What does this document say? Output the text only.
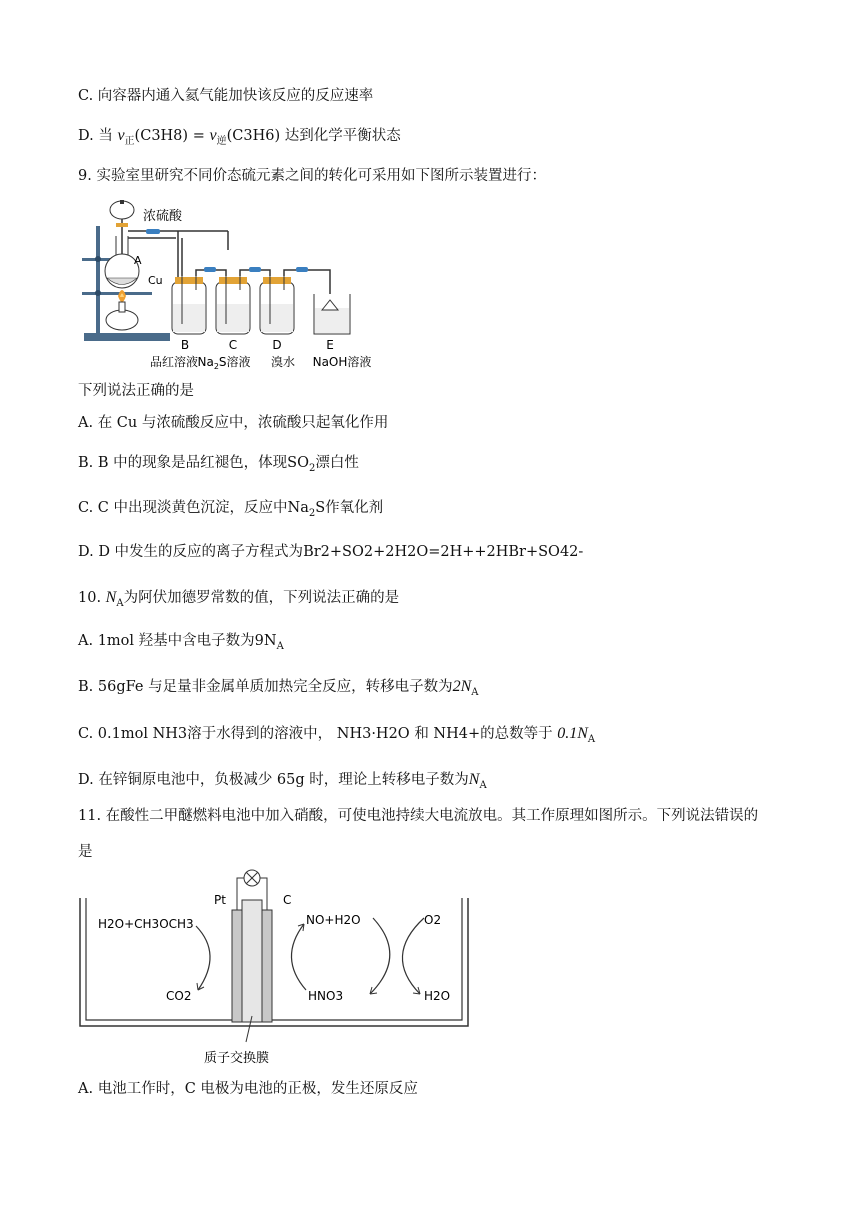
C. 向容器内通入氦气能加快该反应的反应速率
D. 当 $v_正(C3H8) = v_逆(C3H6)$ 达到化学平衡状态
9. 实验室里研究不同价态硫元素之间的转化可采用如下图所示装置进行：
浓硫酸
A
Cu
B	C	D	E
品红溶液 $Na_2S$溶液 溴水 NaOH溶液
下列说法正确的是
A. 在 Cu 与浓硫酸反应中，浓硫酸只起氧化作用
B. B 中的现象是品红褪色，体现$SO_2$漂白性
C. C 中出现淡黄色沉淀，反应中$Na_2S$作氧化剂
D. D 中发生的反应的离子方程式为Br2+SO2+2H2O=2H++2HBr+SO42-
10. $N_A$为阿伏加德罗常数的值，下列说法正确的是
A. 1mol 羟基中含电子数为$9N_A$
B. 56gFe 与足量非金属单质加热完全反应，转移电子数为$2N_A$
C. 0.1mol NH3溶于水得到的溶液中， NH3·H2O 和 NH4+的总数等于 $0.1N_A$
D. 在锌铜原电池中，负极减少 65g 时，理论上转移电子数为$N_A$
11. 在酸性二甲醚燃料电池中加入硝酸，可使电池持续大电流放电。其工作原理如图所示。下列说法错误的
是
Pt	C
H2O+CH3OCH3
CO2
NO+H2O
HNO3
O2
H2O
质子交换膜
A. 电池工作时，C 电极为电池的正极，发生还原反应
